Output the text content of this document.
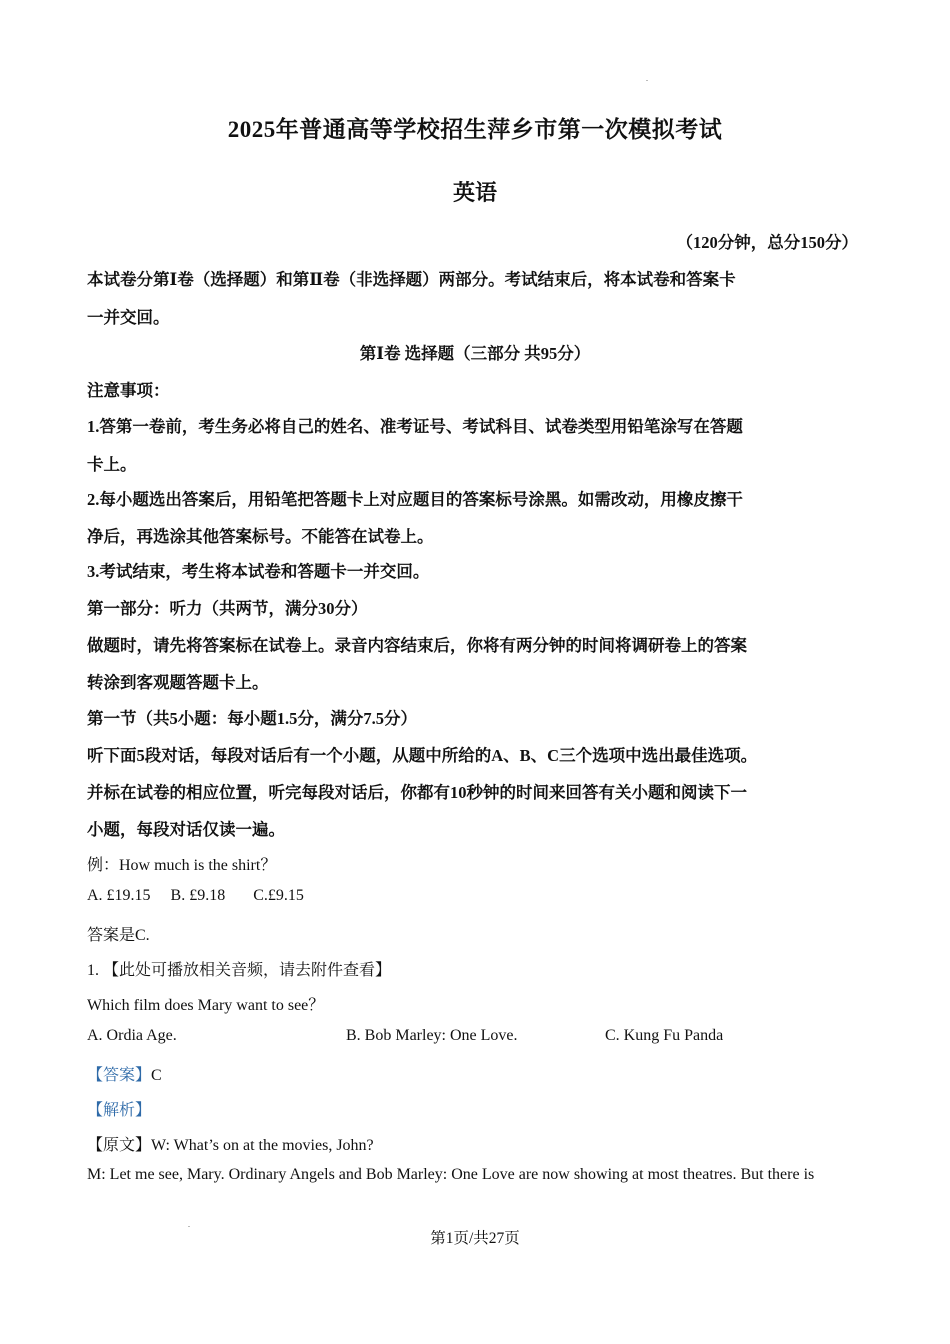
2025年普通高等学校招生萍乡市第一次模拟考试
英语
（120分钟，总分150分）
本试卷分第Ⅰ卷（选择题）和第Ⅱ卷（非选择题）两部分。考试结束后，将本试卷和答案卡
一并交回。
第Ⅰ卷 选择题（三部分 共95分）
注意事项：
1.答第一卷前，考生务必将自己的姓名、准考证号、考试科目、试卷类型用铅笔涂写在答题
卡上。
2.每小题选出答案后，用铅笔把答题卡上对应题目的答案标号涂黑。如需改动，用橡皮擦干
净后，再选涂其他答案标号。不能答在试卷上。
3.考试结束，考生将本试卷和答题卡一并交回。
第一部分：听力（共两节，满分30分）
做题时，请先将答案标在试卷上。录音内容结束后，你将有两分钟的时间将调研卷上的答案
转涂到客观题答题卡上。
第一节（共5小题：每小题1.5分，满分7.5分）
听下面5段对话，每段对话后有一个小题，从题中所给的A、B、C三个选项中选出最佳选项。
并标在试卷的相应位置，听完每段对话后，你都有10秒钟的时间来回答有关小题和阅读下一
小题，每段对话仅读一遍。
例：How much is the shirt？
A. £19.15     B. £9.18       C.£9.15
答案是C.
1. 【此处可播放相关音频，请去附件查看】
Which film does Mary want to see？
A. Ordia Age.	B. Bob Marley: One Love.	C. Kung Fu Panda
【答案】C
【解析】
【原文】W: What’s on at the movies, John?
M: Let me see, Mary. Ordinary Angels and Bob Marley: One Love are now showing at most theatres. But there is
第1页/共27页
